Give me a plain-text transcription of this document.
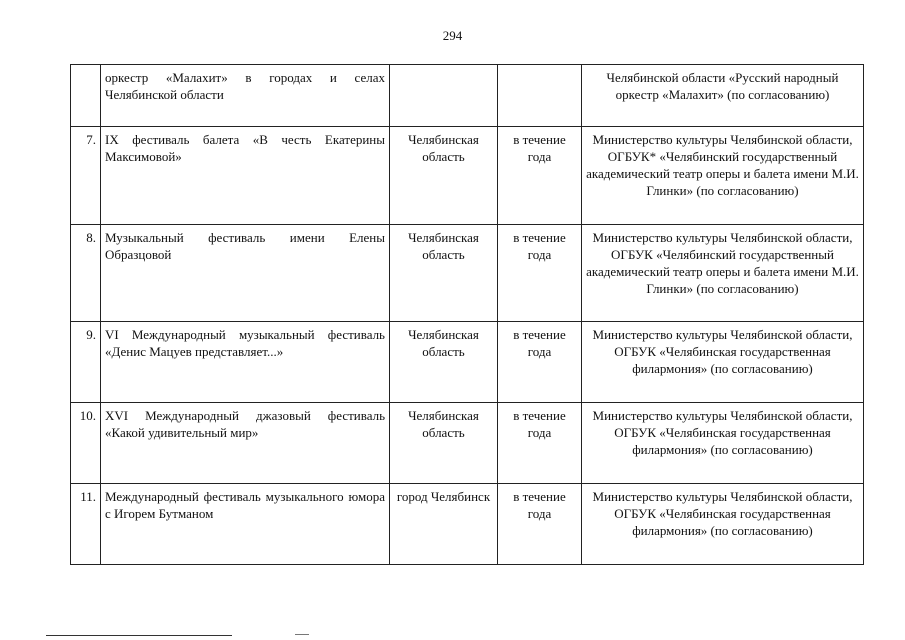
294
	оркестр «Малахит» в городах и селах Челябинской области			Челябинской области «Русский народный оркестр «Малахит» (по согласованию)
7.	IX фестиваль балета «В честь Екатерины Максимовой»	Челябинская область	в течение года	Министерство культуры Челябинской области, ОГБУК* «Челябинский государственный академический театр оперы и балета имени М.И. Глинки» (по согласованию)
8.	Музыкальный фестиваль имени Елены Образцовой	Челябинская область	в течение года	Министерство культуры Челябинской области, ОГБУК «Челябинский государственный академический театр оперы и балета имени М.И. Глинки» (по согласованию)
9.	VI Международный музыкальный фестиваль «Денис Мацуев представляет...»	Челябинская область	в течение года	Министерство культуры Челябинской области, ОГБУК «Челябинская государственная филармония» (по согласованию)
10.	XVI Международный джазовый фестиваль «Какой удивительный мир»	Челябинская область	в течение года	Министерство культуры Челябинской области, ОГБУК «Челябинская государственная филармония» (по согласованию)
11.	Международный фестиваль музыкального юмора с Игорем Бутманом	город Челябинск	в течение года	Министерство культуры Челябинской области, ОГБУК «Челябинская государственная филармония» (по согласованию)
